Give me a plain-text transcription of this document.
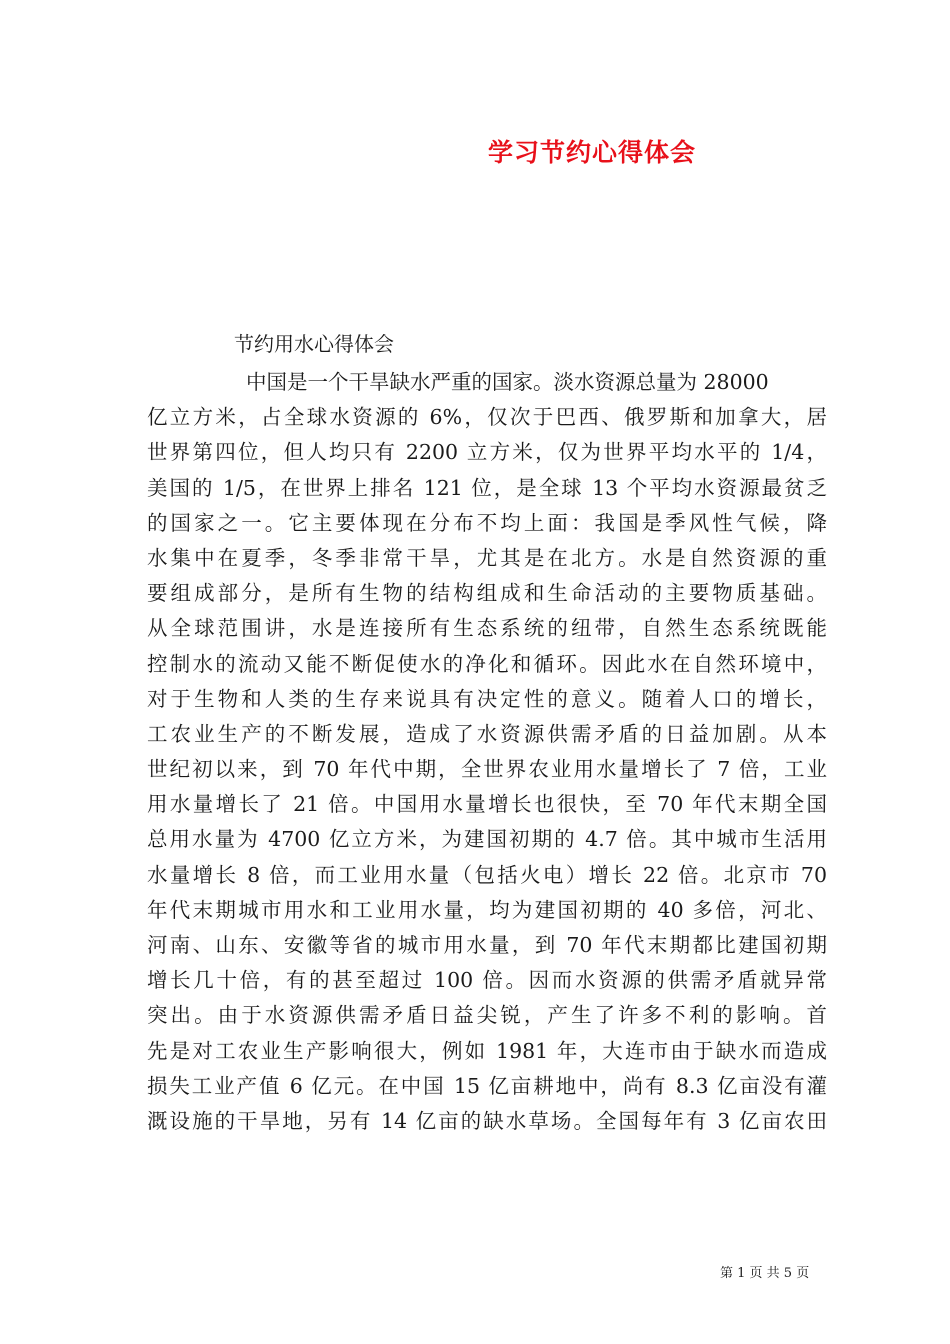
学习节约心得体会
节约用水心得体会
中国是一个干旱缺水严重的国家。淡水资源总量为 28000
亿立方米，占全球水资源的 6%，仅次于巴西、俄罗斯和加拿大，居
世界第四位，但人均只有 2200 立方米，仅为世界平均水平的 1/4，
美国的 1/5，在世界上排名 121 位，是全球 13 个平均水资源最贫乏
的国家之一。它主要体现在分布不均上面：我国是季风性气候，降
水集中在夏季，冬季非常干旱，尤其是在北方。水是自然资源的重
要组成部分，是所有生物的结构组成和生命活动的主要物质基础。
从全球范围讲，水是连接所有生态系统的纽带，自然生态系统既能
控制水的流动又能不断促使水的净化和循环。因此水在自然环境中，
对于生物和人类的生存来说具有决定性的意义。随着人口的增长，
工农业生产的不断发展，造成了水资源供需矛盾的日益加剧。从本
世纪初以来，到 70 年代中期，全世界农业用水量增长了 7 倍，工业
用水量增长了 21 倍。中国用水量增长也很快，至 70 年代末期全国
总用水量为 4700 亿立方米，为建国初期的 4.7 倍。其中城市生活用
水量增长 8 倍，而工业用水量（包括火电）增长 22 倍。北京市 70
年代末期城市用水和工业用水量，均为建国初期的 40 多倍，河北、
河南、山东、安徽等省的城市用水量，到 70 年代末期都比建国初期
增长几十倍，有的甚至超过 100 倍。因而水资源的供需矛盾就异常
突出。由于水资源供需矛盾日益尖锐，产生了许多不利的影响。首
先是对工农业生产影响很大，例如 1981 年，大连市由于缺水而造成
损失工业产值 6 亿元。在中国 15 亿亩耕地中，尚有 8.3 亿亩没有灌
溉设施的干旱地，另有 14 亿亩的缺水草场。全国每年有 3 亿亩农田
第 1 页 共 5 页
